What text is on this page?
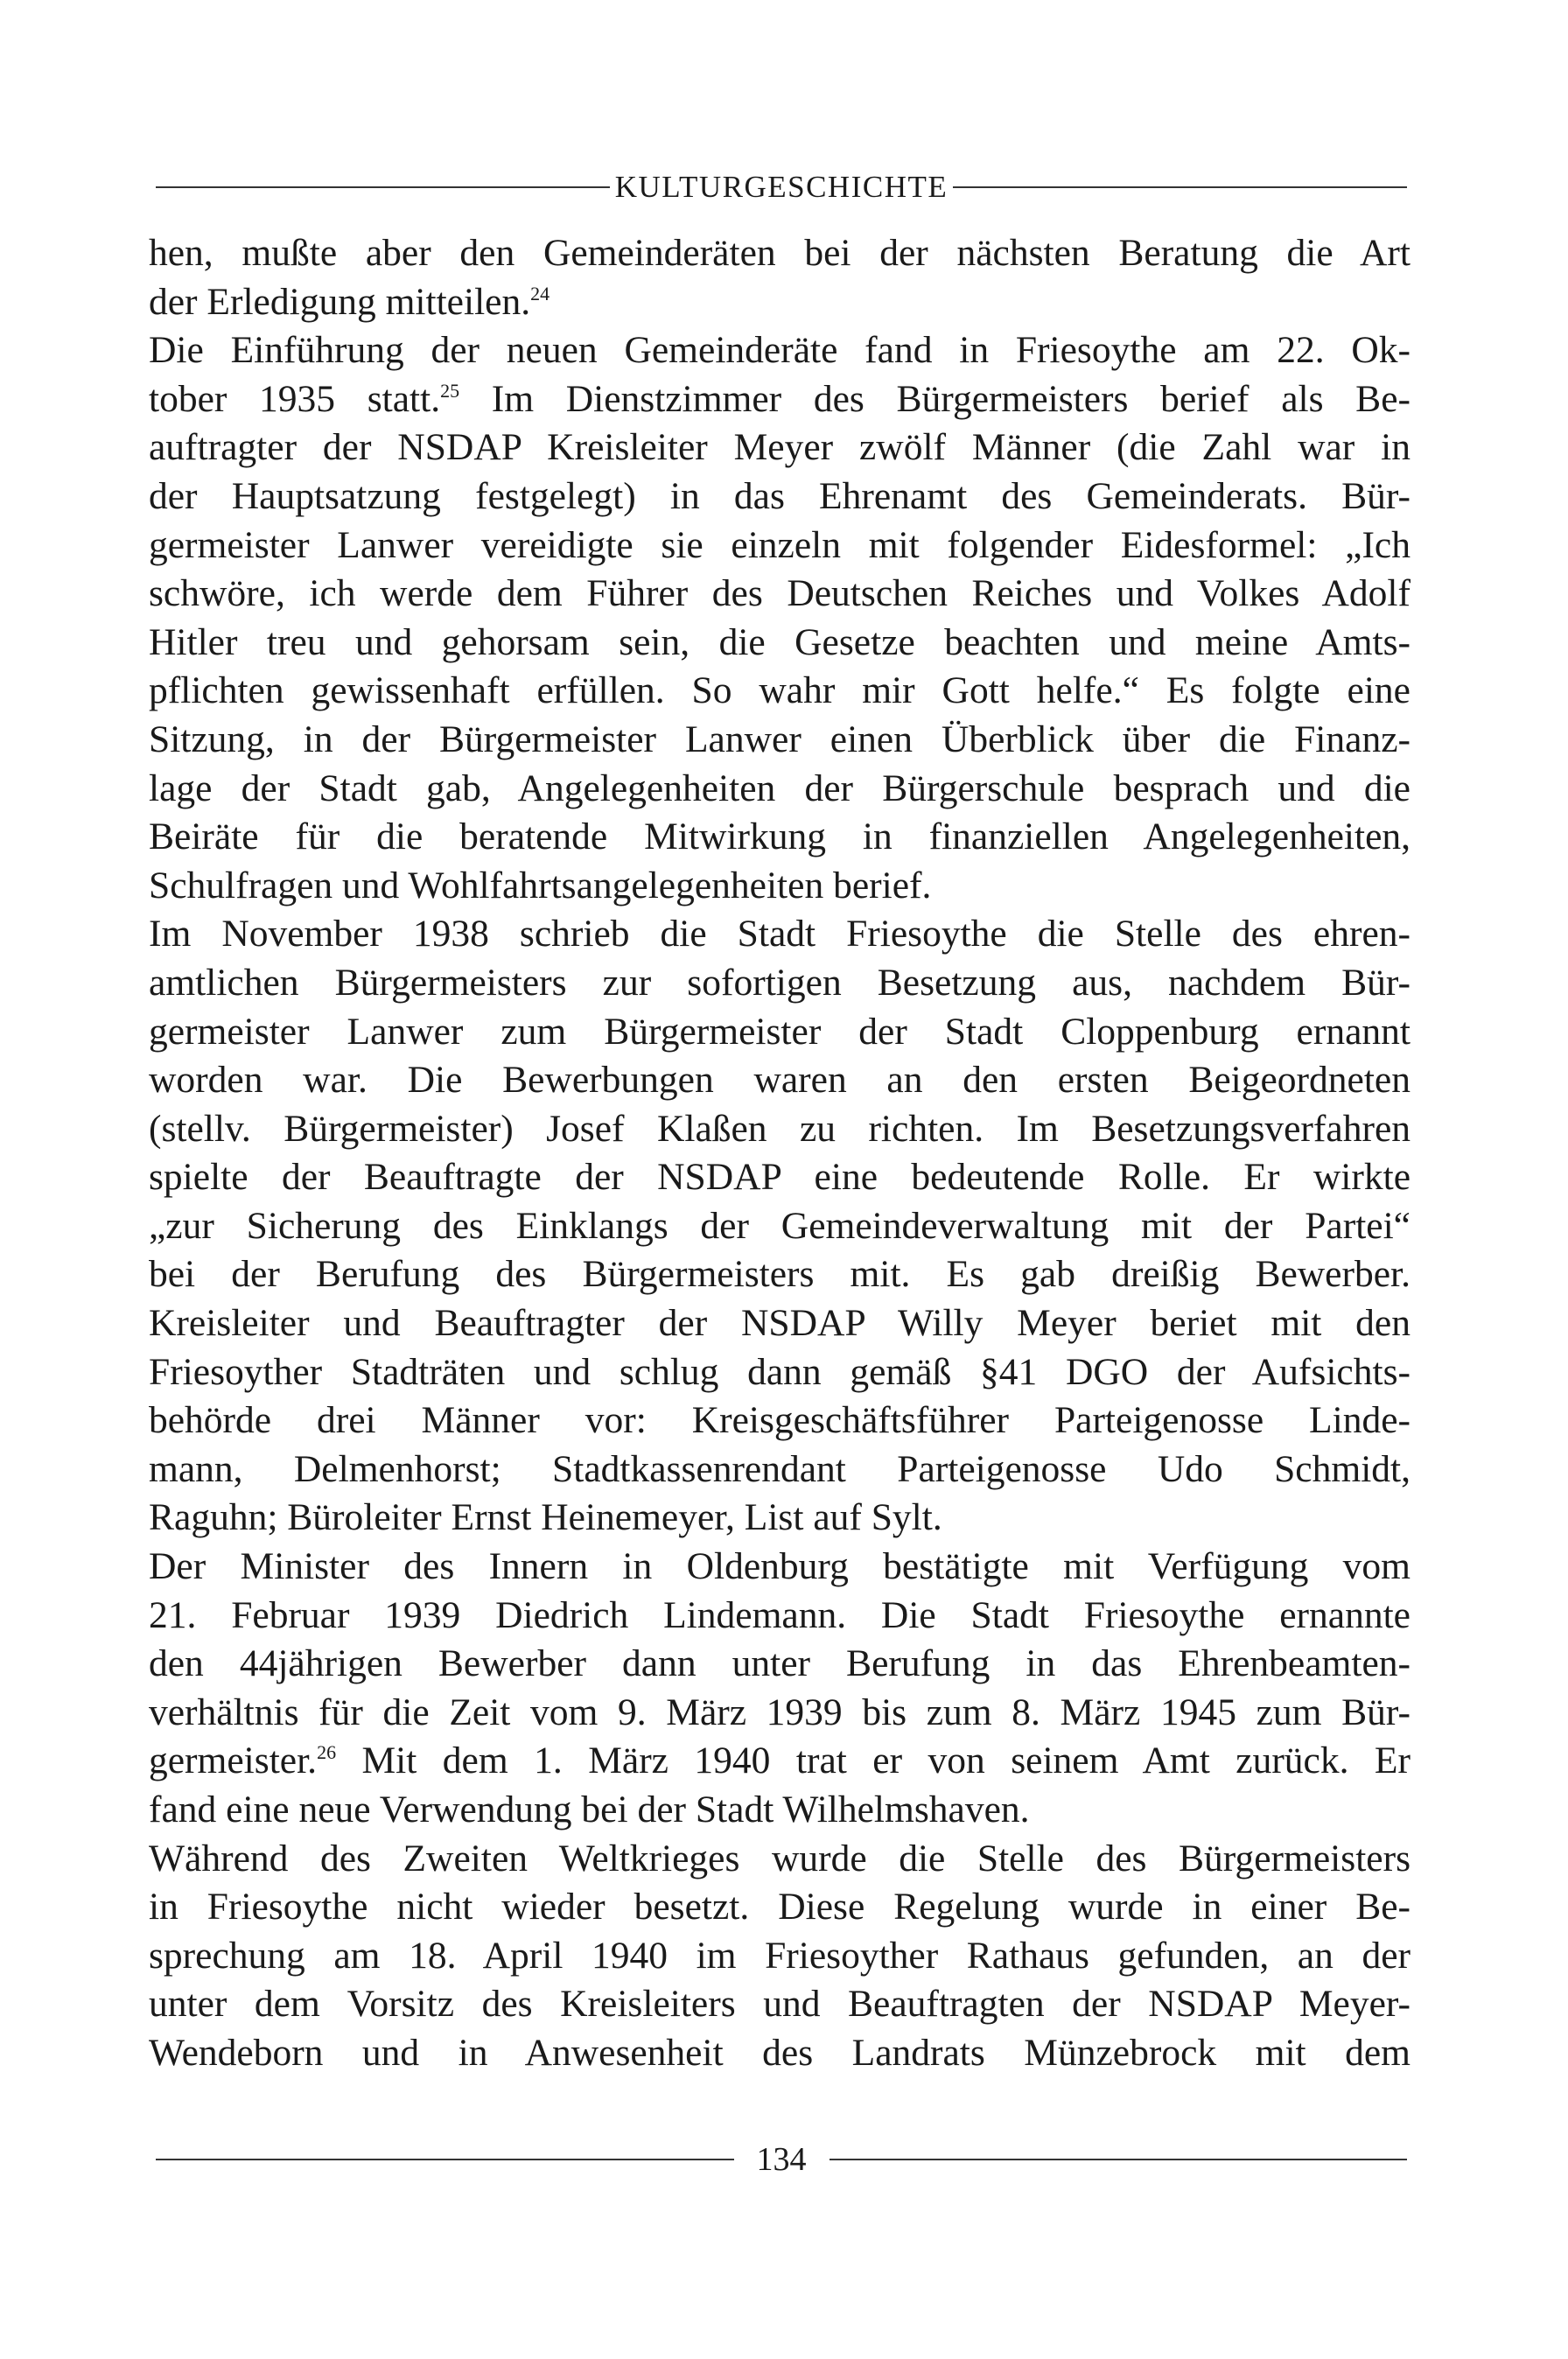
KULTURGESCHICHTE
hen, mußte aber den Gemeinderäten bei der nächsten Beratung die Art
der Erledigung mitteilen.$^{24}$
Die Einführung der neuen Gemeinderäte fand in Friesoythe am 22. Ok-
tober 1935 statt.$^{25}$ Im Dienstzimmer des Bürgermeisters berief als Be-
auftragter der NSDAP Kreisleiter Meyer zwölf Männer (die Zahl war in
der Hauptsatzung festgelegt) in das Ehrenamt des Gemeinderats. Bür-
germeister Lanwer vereidigte sie einzeln mit folgender Eidesformel: „Ich
schwöre, ich werde dem Führer des Deutschen Reiches und Volkes Adolf
Hitler treu und gehorsam sein, die Gesetze beachten und meine Amts-
pflichten gewissenhaft erfüllen. So wahr mir Gott helfe.“ Es folgte eine
Sitzung, in der Bürgermeister Lanwer einen Überblick über die Finanz-
lage der Stadt gab, Angelegenheiten der Bürgerschule besprach und die
Beiräte für die beratende Mitwirkung in finanziellen Angelegenheiten,
Schulfragen und Wohlfahrtsangelegenheiten berief.
Im November 1938 schrieb die Stadt Friesoythe die Stelle des ehren-
amtlichen Bürgermeisters zur sofortigen Besetzung aus, nachdem Bür-
germeister Lanwer zum Bürgermeister der Stadt Cloppenburg ernannt
worden war. Die Bewerbungen waren an den ersten Beigeordneten
(stellv. Bürgermeister) Josef Klaßen zu richten. Im Besetzungsverfahren
spielte der Beauftragte der NSDAP eine bedeutende Rolle. Er wirkte
„zur Sicherung des Einklangs der Gemeindeverwaltung mit der Partei“
bei der Berufung des Bürgermeisters mit. Es gab dreißig Bewerber.
Kreisleiter und Beauftragter der NSDAP Willy Meyer beriet mit den
Friesoyther Stadträten und schlug dann gemäß §41 DGO der Aufsichts-
behörde drei Männer vor: Kreisgeschäftsführer Parteigenosse Linde-
mann, Delmenhorst; Stadtkassenrendant Parteigenosse Udo Schmidt,
Raguhn; Büroleiter Ernst Heinemeyer, List auf Sylt.
Der Minister des Innern in Oldenburg bestätigte mit Verfügung vom
21. Februar 1939 Diedrich Lindemann. Die Stadt Friesoythe ernannte
den 44jährigen Bewerber dann unter Berufung in das Ehrenbeamten-
verhältnis für die Zeit vom 9. März 1939 bis zum 8. März 1945 zum Bür-
germeister.$^{26}$ Mit dem 1. März 1940 trat er von seinem Amt zurück. Er
fand eine neue Verwendung bei der Stadt Wilhelmshaven.
Während des Zweiten Weltkrieges wurde die Stelle des Bürgermeisters
in Friesoythe nicht wieder besetzt. Diese Regelung wurde in einer Be-
sprechung am 18. April 1940 im Friesoyther Rathaus gefunden, an der
unter dem Vorsitz des Kreisleiters und Beauftragten der NSDAP Meyer-
Wendeborn und in Anwesenheit des Landrats Münzebrock mit dem
134
